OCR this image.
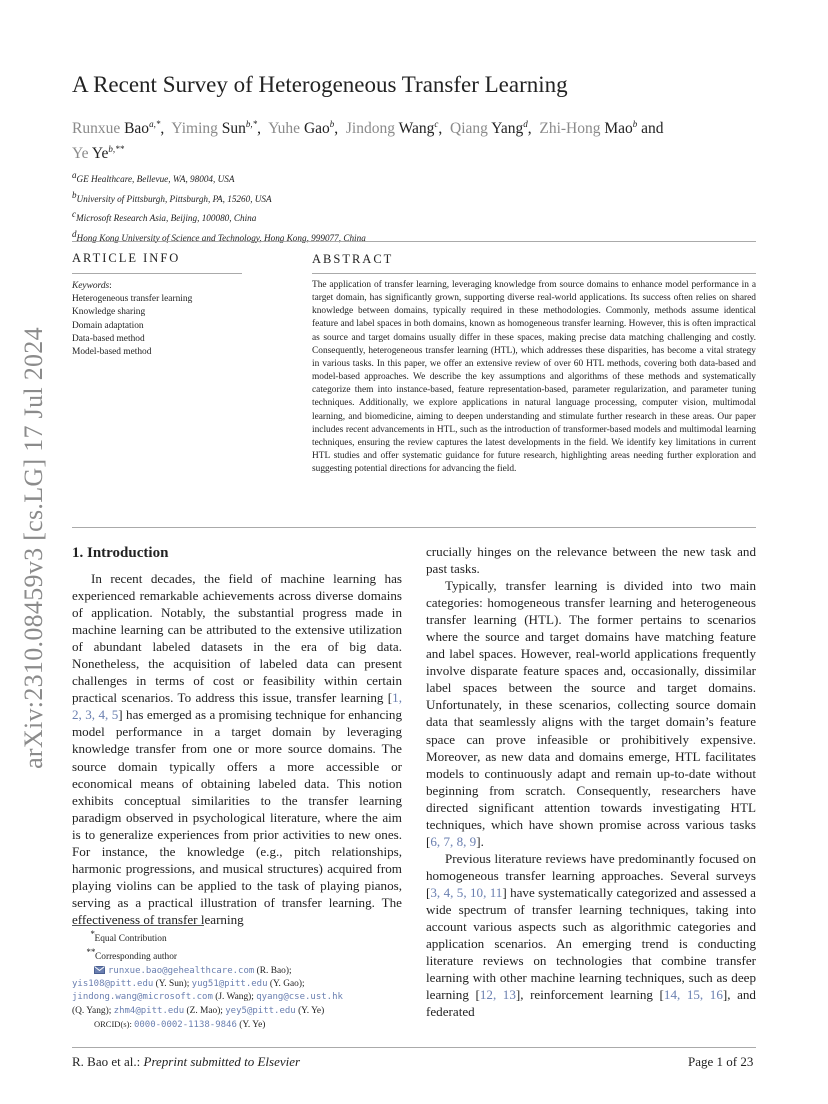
arXiv:2310.08459v3 [cs.LG] 17 Jul 2024
A Recent Survey of Heterogeneous Transfer Learning
Runxue Bao$^{a,*}$,  Yiming Sun$^{b,*}$,  Yuhe Gao$^b$,  Jindong Wang$^c$,  Qiang Yang$^d$,  Zhi-Hong Mao$^b$ and
Ye $Ye^{b,**}$
$^a$GE Healthcare, Bellevue, WA, 98004, USA
$^b$University of Pittsburgh, Pittsburgh, PA, 15260, USA
$^c$Microsoft Research Asia, Beijing, 100080, China
$^d$Hong Kong University of Science and Technology, Hong Kong, 999077, China
ARTICLE INFO	ABSTRACT
Keywords:
Heterogeneous transfer learning
Knowledge sharing
Domain adaptation
Data-based method
Model-based method
The application of transfer learning, leveraging knowledge from source domains to enhance model performance in a target domain, has significantly grown, supporting diverse real-world applications. Its success often relies on shared knowledge between domains, typically required in these methodologies. Commonly, methods assume identical feature and label spaces in both domains, known as homogeneous transfer learning. However, this is often impractical as source and target domains usually differ in these spaces, making precise data matching challenging and costly. Consequently, heterogeneous transfer learning (HTL), which addresses these disparities, has become a vital strategy in various tasks. In this paper, we offer an extensive review of over 60 HTL methods, covering both data-based and model-based approaches. We describe the key assumptions and algorithms of these methods and systematically categorize them into instance-based, feature representation-based, parameter regularization, and parameter tuning techniques. Additionally, we explore applications in natural language processing, computer vision, multimodal learning, and biomedicine, aiming to deepen understanding and stimulate further research in these areas. Our paper includes recent advancements in HTL, such as the introduction of transformer-based models and multimodal learning techniques, ensuring the review captures the latest developments in the field. We identify key limitations in current HTL studies and offer systematic guidance for future research, highlighting areas needing further exploration and suggesting potential directions for advancing the field.
1. Introduction

In recent decades, the field of machine learning has experienced remarkable achievements across diverse domains of application. Notably, the substantial progress made in machine learning can be attributed to the extensive utilization of abundant labeled datasets in the era of big data. Nonetheless, the acquisition of labeled data can present challenges in terms of cost or feasibility within certain practical scenarios. To address this issue, transfer learning [1, 2, 3, 4, 5] has emerged as a promising technique for enhancing model performance in a target domain by leveraging knowledge transfer from one or more source domains. The source domain typically offers a more accessible or economical means of obtaining labeled data. This notion exhibits conceptual similarities to the transfer learning paradigm observed in psychological literature, where the aim is to generalize experiences from prior activities to new ones. For instance, the knowledge (e.g., pitch relationships, harmonic progressions, and musical structures) acquired from playing violins can be applied to the task of playing pianos, serving as a practical illustration of transfer learning. The effectiveness of transfer learning

crucially hinges on the relevance between the new task and past tasks.

Typically, transfer learning is divided into two main categories: homogeneous transfer learning and heterogeneous transfer learning (HTL). The former pertains to scenarios where the source and target domains have matching feature and label spaces. However, real-world applications frequently involve disparate feature spaces and, occasionally, dissimilar label spaces between the source and target domains. Unfortunately, in these scenarios, collecting source domain data that seamlessly aligns with the target domain’s feature space can prove infeasible or prohibitively expensive. Moreover, as new data and domains emerge, HTL facilitates models to continuously adapt and remain up-to-date without beginning from scratch. Consequently, researchers have directed significant attention towards investigating HTL techniques, which have shown promise across various tasks [6, 7, 8, 9].

Previous literature reviews have predominantly focused on homogeneous transfer learning approaches. Several surveys [3, 4, 5, 10, 11] have systematically categorized and assessed a wide spectrum of transfer learning techniques, taking into account various aspects such as algorithmic categories and application scenarios. An emerging trend is conducting literature reviews on technologies that combine transfer learning with other machine learning techniques, such as deep learning [12, 13], reinforcement learning [14, 15, 16], and federated

*Equal Contribution
**Corresponding author
runxue.bao@gehealthcare.com (R. Bao);
yis108@pitt.edu (Y. Sun); yug51@pitt.edu (Y. Gao);
jindong.wang@microsoft.com (J. Wang); qyang@cse.ust.hk
(Q. Yang); zhm4@pitt.edu (Z. Mao); yey5@pitt.edu (Y. Ye)
ORCID(s): 0000-0002-1138-9846 (Y. Ye)
R. Bao et al.: Preprint submitted to Elsevier	Page 1 of 23
